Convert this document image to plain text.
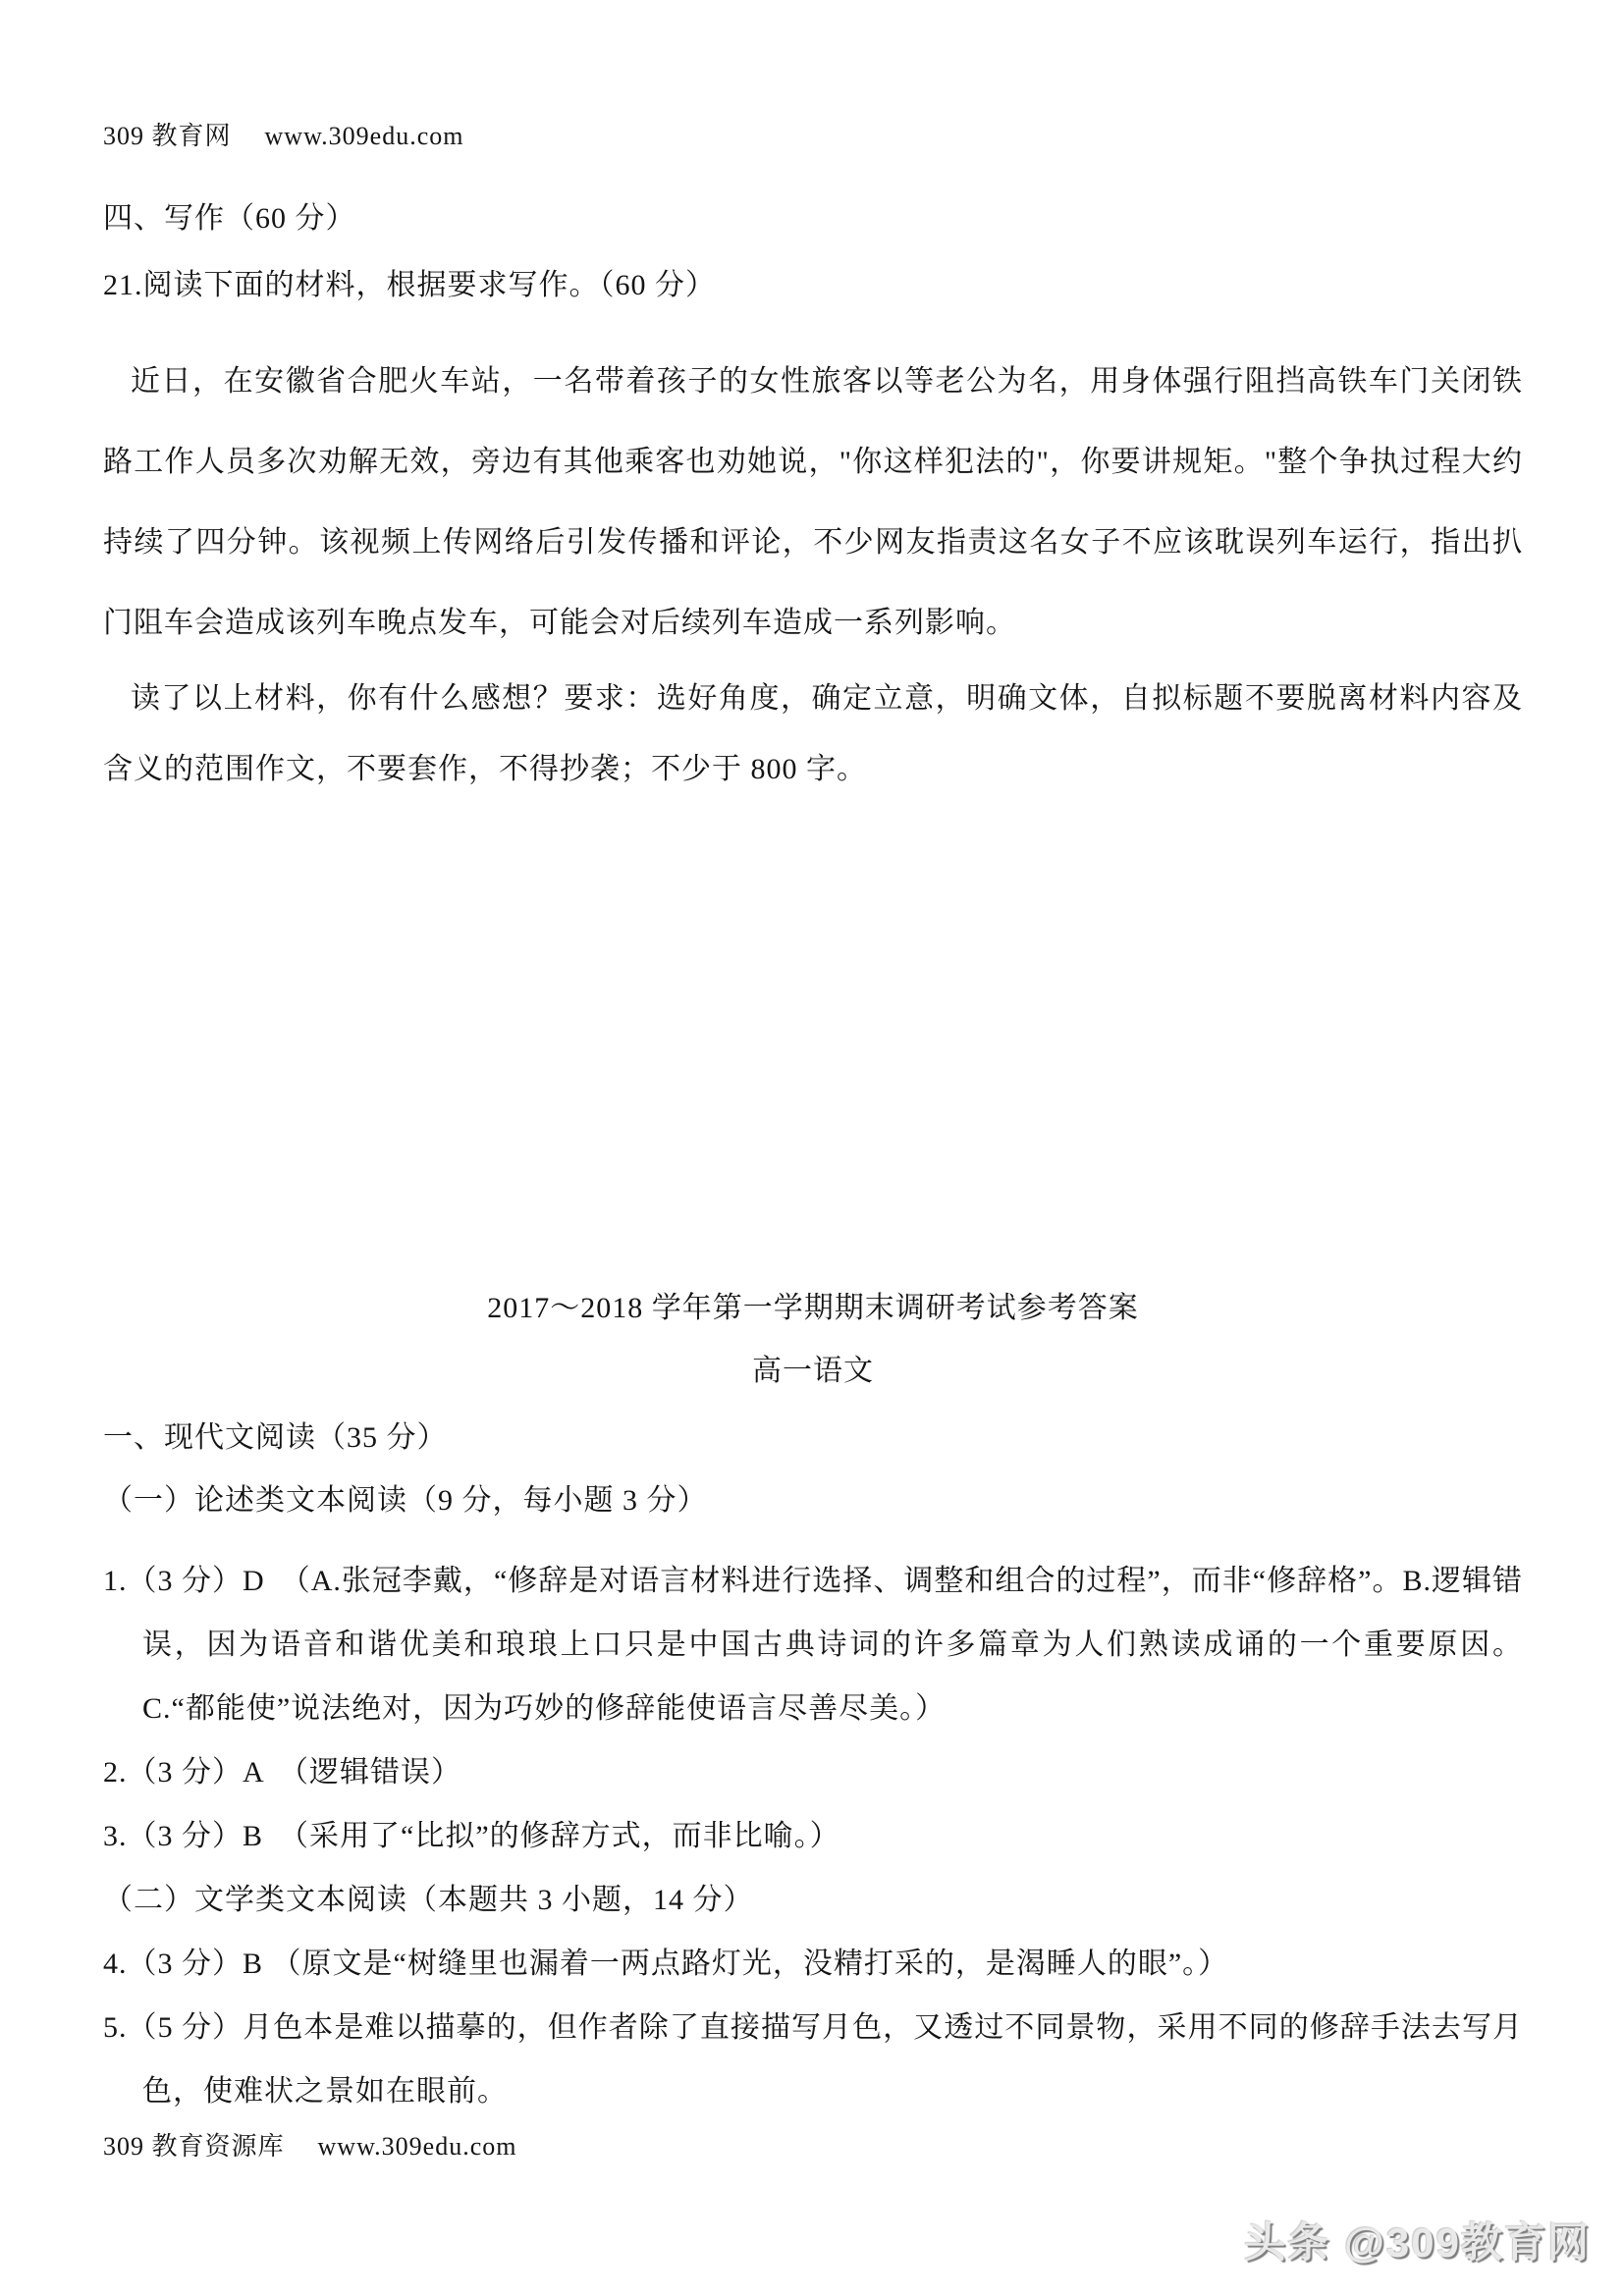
309 教育网 www.309edu.com
四、写作（60 分）
21.阅读下面的材料，根据要求写作。（60 分）
近日，在安徽省合肥火车站，一名带着孩子的女性旅客以等老公为名，用身体强行阻挡高铁车门关闭铁路工作人员多次劝解无效，旁边有其他乘客也劝她说，"你这样犯法的"，你要讲规矩。"整个争执过程大约持续了四分钟。该视频上传网络后引发传播和评论，不少网友指责这名女子不应该耽误列车运行，指出扒门阻车会造成该列车晚点发车，可能会对后续列车造成一系列影响。
读了以上材料，你有什么感想？要求：选好角度，确定立意，明确文体，自拟标题不要脱离材料内容及含义的范围作文，不要套作，不得抄袭；不少于 800 字。
2017～2018 学年第一学期期末调研考试参考答案
高一语文
一、现代文阅读（35 分）
（一）论述类文本阅读（9 分，每小题 3 分）
1.（3 分）D　（A.张冠李戴，“修辞是对语言材料进行选择、调整和组合的过程”，而非“修辞格”。B.逻辑错误，因为语音和谐优美和琅琅上口只是中国古典诗词的许多篇章为人们熟读成诵的一个重要原因。C.“都能使”说法绝对，因为巧妙的修辞能使语言尽善尽美。）
2.（3 分）A　（逻辑错误）
3.（3 分）B　（采用了“比拟”的修辞方式，而非比喻。）
（二）文学类文本阅读（本题共 3 小题，14 分）
4.（3 分）B （原文是“树缝里也漏着一两点路灯光，没精打采的，是渴睡人的眼”。）
5.（5 分）月色本是难以描摹的，但作者除了直接描写月色，又透过不同景物，采用不同的修辞手法去写月色，使难状之景如在眼前。
309 教育资源库 www.309edu.com
头条 @309教育网
